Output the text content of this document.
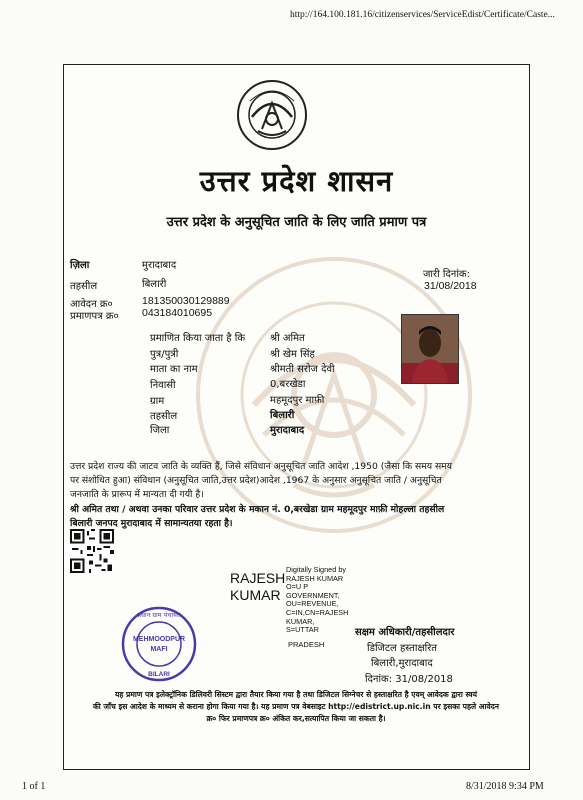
http://164.100.181.16/citizenservices/ServiceEdist/Certificate/Caste...
उत्तर प्रदेश शासन
उत्तर प्रदेश के अनुसूचित जाति के लिए जाति प्रमाण पत्र
ज़िला	मुरादाबाद
तहसील	बिलारी
आवेदन क्र०	181350030129889
प्रमाणपत्र क्र० 043184010695
जारी दिनांक:
31/08/2018
प्रमाणित किया जाता है कि श्री अमित
पुत्र/पुत्री	श्री खेम सिंह
माता का नाम	श्रीमती सरोज देवी
निवासी	0,बरखेडा
ग्राम	महमूदपुर माफ़ी
तहसील	बिलारी
जिला	मुरादाबाद
उत्तर प्रदेश राज्य की जाटव जाति के व्यक्ति हैं, जिसे संविधान अनुसूचित जाति आदेश ,1950 (जैसा कि समय समय
पर संशोधित हुआ) संविधान (अनुसूचित जाति,उत्तर प्रदेश)आदेश ,1967 के अनुसार अनुसूचित जाति / अनुसूचित
जनजाति के प्रारूप में मान्यता दी गयी है।
श्री अमित तथा / अथवा उनका परिवार उत्तर प्रदेश के मकान नं. 0,बरखेडा ग्राम महमूदपुर माफ़ी मोहल्ला तहसील
बिलारी जनपद मुरादाबाद में सामान्यतया रहता है।
RAJESH
KUMAR
Digitally Signed by
RAJESH KUMAR
O=U P
GOVERNMENT,
OU=REVENUE,
C=IN,CN=RAJESH
KUMAR,
S=UTTAR
PRADESH
सक्षम अधिकारी/तहसीलदार
डिजिटल हस्ताक्षरित
बिलारी,मुरादाबाद
दिनांक: 31/08/2018
MEHMOODPUR
MAFI
प्रधान ग्राम पंचायत
BILARI
यह प्रमाण पत्र इलेक्ट्रॉनिक डिलिवरी सिस्टम द्वारा तैयार किया गया है तथा डिजिटल सिग्नेचर से हस्ताक्षरित है एवम् आवेदक द्वारा स्वयं
की जाँच इस आदेश के माध्यम से कराना होगा किया गया है। यह प्रमाण पत्र वेबसाइट http://edistrict.up.nic.in पर इसका पहले आवेदन
क्र० फिर प्रमाणपत्र क्र० अंकित कर,सत्यापित किया जा सकता है।
1 of 1	8/31/2018 9:34 PM
